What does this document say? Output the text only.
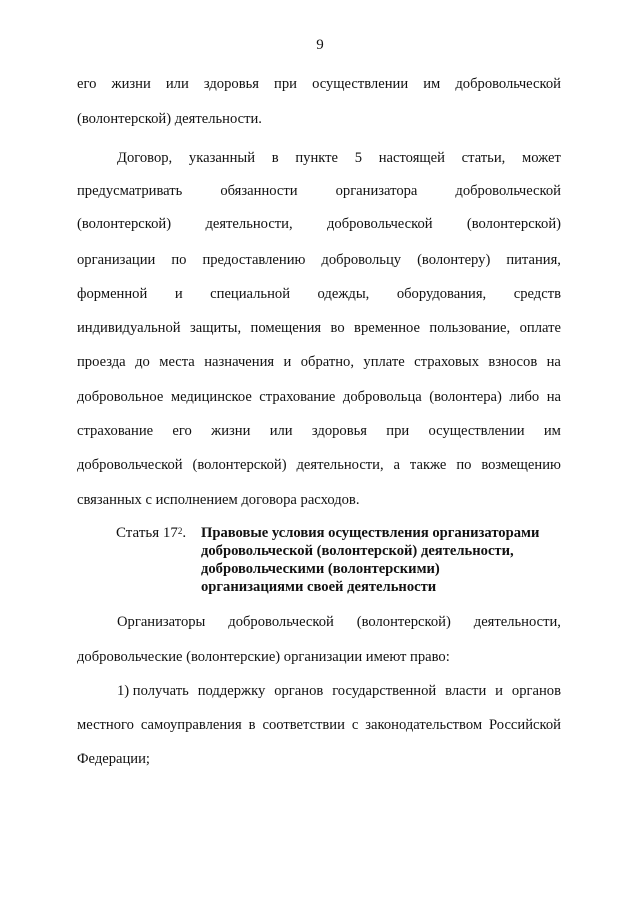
9
его жизни или здоровья при осуществлении им добровольческой
(волонтерской) деятельности.
Договор, указанный в пункте 5 настоящей статьи, может
предусматривать	обязанности	организатора	добровольческой
(волонтерской) деятельности, добровольческой (волонтерской)
организации по предоставлению добровольцу (волонтеру) питания,
форменной и специальной одежды, оборудования, средств
индивидуальной защиты, помещения во временное пользование, оплате
проезда до места назначения и обратно, уплате страховых взносов на
добровольное медицинское страхование добровольца (волонтера) либо на
страхование его жизни или здоровья при осуществлении им
добровольческой (волонтерской) деятельности, а также по возмещению
связанных с исполнением договора расходов.
Статья $17^2$. Правовые условия осуществления организаторами
добровольческой (волонтерской) деятельности,
добровольческими (волонтерскими)
организациями своей деятельности
Организаторы добровольческой (волонтерской) деятельности,
добровольческие (волонтерские) организации имеют право:
1) получать поддержку органов государственной власти и органов
местного самоуправления в соответствии с законодательством Российской
Федерации;
